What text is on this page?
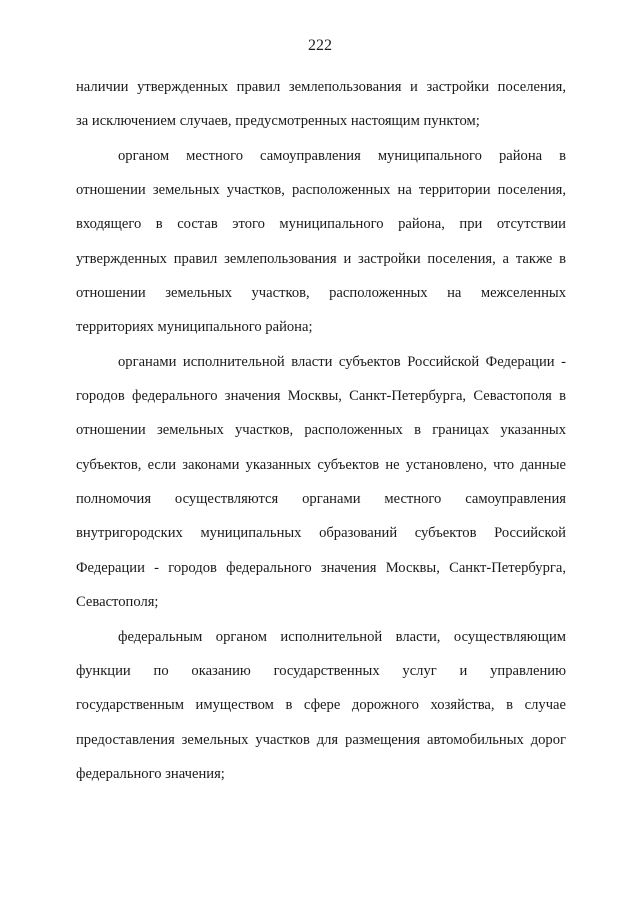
222
наличии утвержденных правил землепользования и застройки поселения,
за исключением случаев, предусмотренных настоящим пунктом;
органом местного самоуправления муниципального района в
отношении земельных участков, расположенных на территории поселения,
входящего в состав этого муниципального района, при отсутствии
утвержденных правил землепользования и застройки поселения, а также в
отношении земельных участков, расположенных на межселенных
территориях муниципального района;
органами исполнительной власти субъектов Российской Федерации -
городов федерального значения Москвы, Санкт-Петербурга, Севастополя в
отношении земельных участков, расположенных в границах указанных
субъектов, если законами указанных субъектов не установлено, что данные
полномочия осуществляются органами местного самоуправления
внутригородских муниципальных образований субъектов Российской
Федерации - городов федерального значения Москвы, Санкт-Петербурга,
Севастополя;
федеральным органом исполнительной власти, осуществляющим
функции по оказанию государственных услуг и управлению
государственным имуществом в сфере дорожного хозяйства, в случае
предоставления земельных участков для размещения автомобильных дорог
федерального значения;
